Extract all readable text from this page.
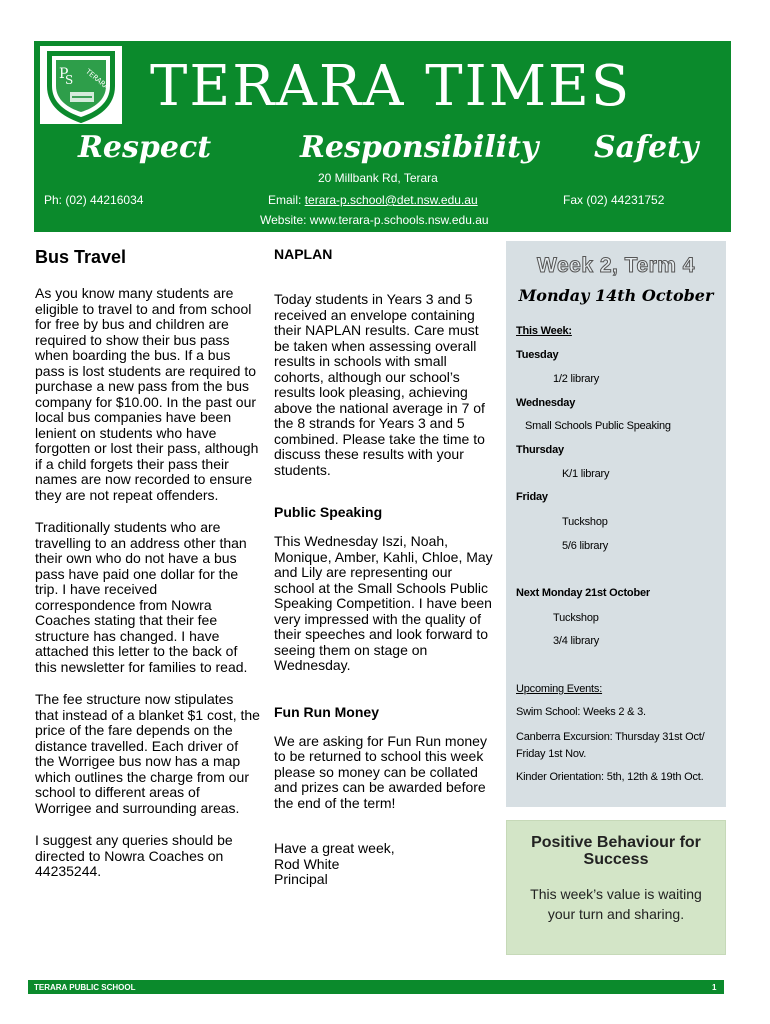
P
S TERARA TERARA TIMES
Respect	Responsibility Safety
20 Millbank Rd, Terara
Ph: (02) 44216034	Email: terara-p.school@det.nsw.edu.au	Fax (02) 44231752
Website: www.terara-p.schools.nsw.edu.au
Bus Travel

As you know many students are eligible to travel to and from school for free by bus and children are required to show their bus pass when boarding the bus. If a bus pass is lost students are required to purchase a new pass from the bus company for $10.00. In the past our local bus companies have been lenient on students who have forgotten or lost their pass, although if a child forgets their pass their names are now recorded to ensure they are not repeat offenders.

Traditionally students who are travelling to an address other than their own who do not have a bus pass have paid one dollar for the trip. I have received correspondence from Nowra Coaches stating that their fee structure has changed. I have attached this letter to the back of this newsletter for families to read.

The fee structure now stipulates that instead of a blanket $1 cost, the price of the fare depends on the distance travelled. Each driver of the Worrigee bus now has a map which outlines the charge from our school to different areas of Worrigee and surrounding areas.

I suggest any queries should be directed to Nowra Coaches on 44235244.

NAPLAN

Today students in Years 3 and 5 received an envelope containing their NAPLAN results. Care must be taken when assessing overall results in schools with small cohorts, although our school’s results look pleasing, achieving above the national average in 7 of the 8 strands for Years 3 and 5 combined. Please take the time to discuss these results with your students.

Public Speaking

This Wednesday Iszi, Noah, Monique, Amber, Kahli, Chloe, May and Lily are representing our school at the Small Schools Public Speaking Competition. I have been very impressed with the quality of their speeches and look forward to seeing them on stage on Wednesday.

Fun Run Money

We are asking for Fun Run money to be returned to school this week please so money can be collated and prizes can be awarded before the end of the term!

Have a great week,
Rod White
Principal
Week 2, Term 4
Monday 14th October
This Week:
Tuesday
1/2 library
Wednesday
Small Schools Public Speaking
Thursday
K/1 library
Friday
Tuckshop
5/6 library
Next Monday 21st October
Tuckshop
3/4 library
Upcoming Events:
Swim School: Weeks 2 & 3.
Canberra Excursion: Thursday 31st Oct/
Friday 1st Nov.
Kinder Orientation: 5th, 12th & 19th Oct.
Positive Behaviour for Success
This week’s value is waiting your turn and sharing.
TERARA PUBLIC SCHOOL	1
